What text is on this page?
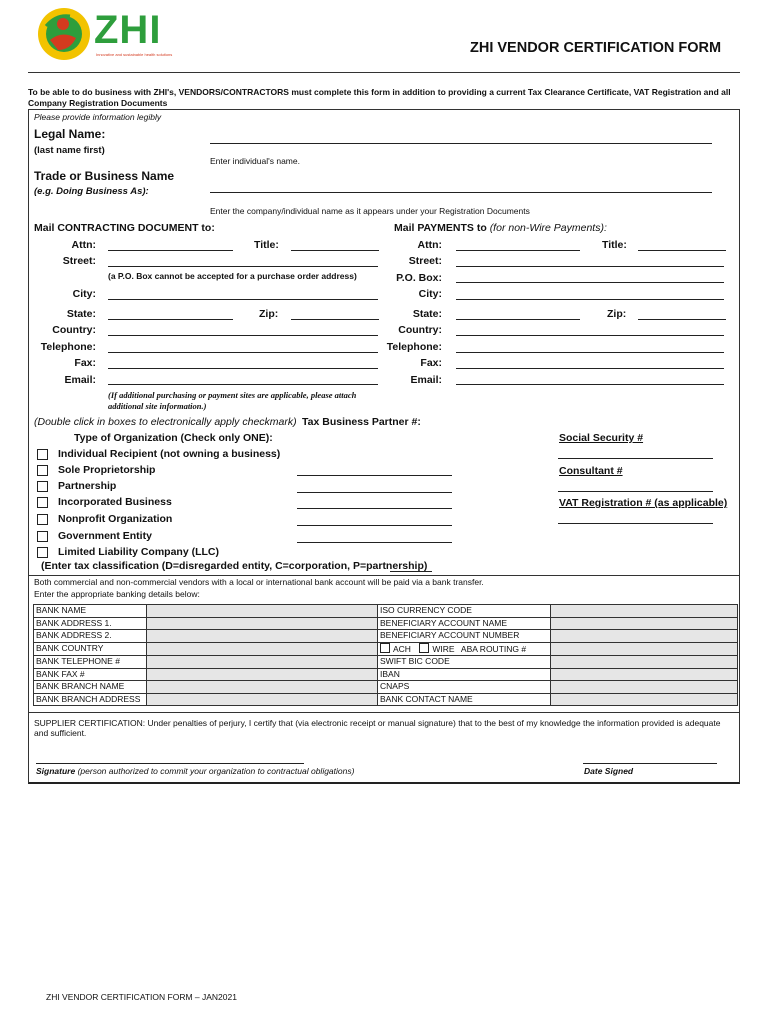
ZHI
Innovative and sustainable health solutions	ZHI VENDOR CERTIFICATION FORM
To be able to do business with ZHI's, VENDORS/CONTRACTORS must complete this form in addition to providing a current Tax Clearance Certificate, VAT Registration and all Company Registration Documents
Please provide information legibly
Legal Name:
(last name first)
Enter individual's name.
Trade or Business Name
(e.g. Doing Business As):
Enter the company/individual name as it appears under your Registration Documents
Mail CONTRACTING DOCUMENT to:
Attn:	Title:
Street:
(a P.O. Box cannot be accepted for a purchase order address)
City:
State:	Zip:
Country:
Telephone:
Fax:
Email:
(If additional purchasing or payment sites are applicable, please attach additional site information.)
Mail PAYMENTS to (for non-Wire Payments):
Attn:	Title:
Street:
P.O. Box:
City:
State:	Zip:
Country:
Telephone:
Fax:
Email:
(Double click in boxes to electronically apply checkmark) Tax Business Partner #:
Type of Organization (Check only ONE):	Social Security #
Consultant #
VAT Registration # (as applicable)
Individual Recipient (not owning a business)
Sole Proprietorship
Partnership
Incorporated Business
Nonprofit Organization
Government Entity
Limited Liability Company (LLC)
(Enter tax classification (D=disregarded entity, C=corporation, P=partnership)
Both commercial and non-commercial vendors with a local or international bank account will be paid via a bank transfer.
Enter the appropriate banking details below:
BANK NAME		ISO CURRENCY CODE	
BANK ADDRESS 1.		BENEFICIARY ACCOUNT NAME	
BANK ADDRESS 2.		BENEFICIARY ACCOUNT NUMBER	
BANK COUNTRY		ACH WIRE ABA ROUTING #	
BANK TELEPHONE #		SWIFT BIC CODE	
BANK FAX #		IBAN	
BANK BRANCH NAME		CNAPS	
BANK BRANCH ADDRESS		BANK CONTACT NAME	
SUPPLIER CERTIFICATION: Under penalties of perjury, I certify that (via electronic receipt or manual signature) that to the best of my knowledge the information provided is adequate and sufficient.
Signature (person authorized to commit your organization to contractual obligations)	Date Signed
ZHI VENDOR CERTIFICATION FORM – JAN2021
